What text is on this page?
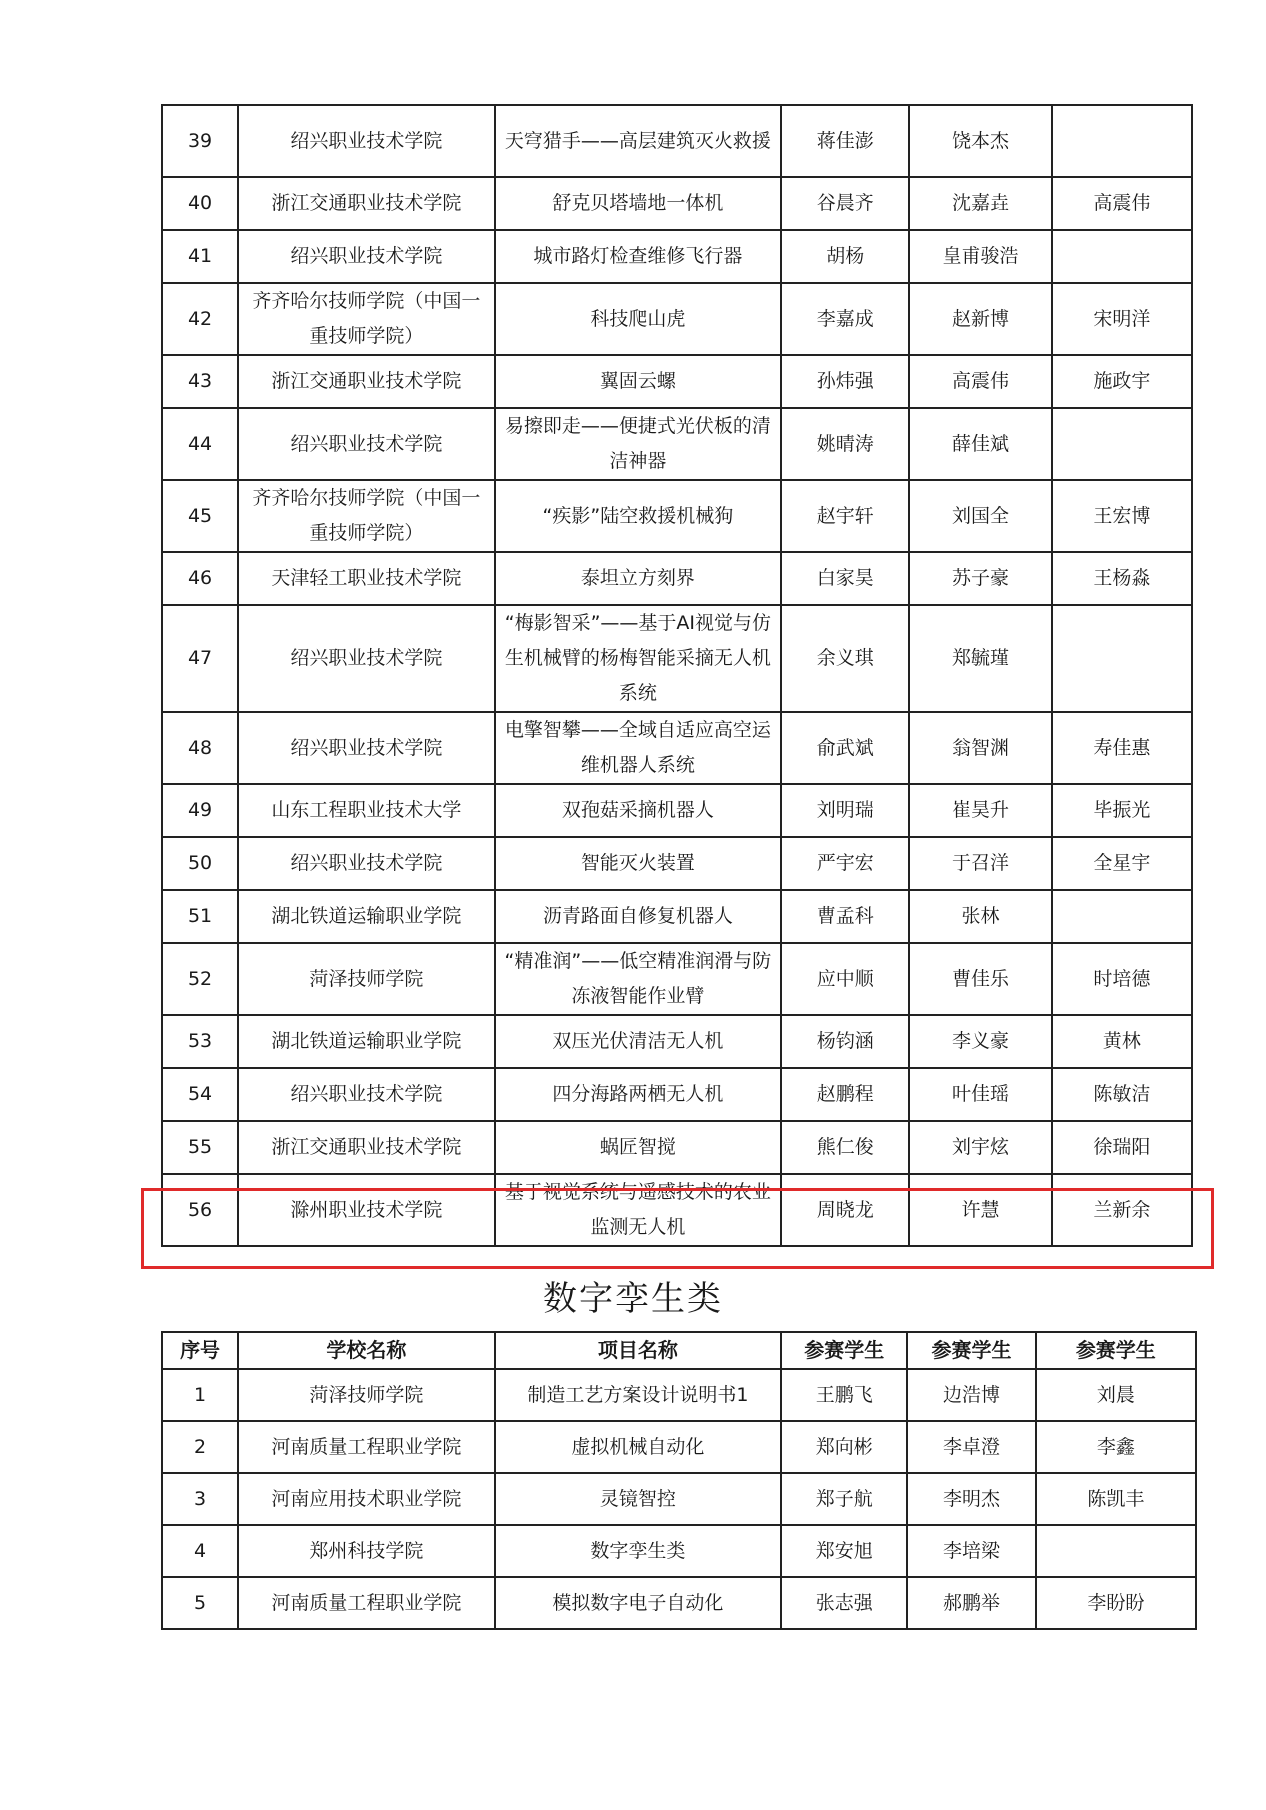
39	绍兴职业技术学院	天穹猎手——高层建筑灭火救援	蒋佳澎	饶本杰	
40	浙江交通职业技术学院	舒克贝塔墙地一体机	谷晨齐	沈嘉垚	高震伟
41	绍兴职业技术学院	城市路灯检查维修飞行器	胡杨	皇甫骏浩	
42	齐齐哈尔技师学院（中国一重技师学院）	科技爬山虎	李嘉成	赵新博	宋明洋
43	浙江交通职业技术学院	翼固云螺	孙炜强	高震伟	施政宇
44	绍兴职业技术学院	易擦即走——便捷式光伏板的清洁神器	姚晴涛	薛佳斌	
45	齐齐哈尔技师学院（中国一重技师学院）	“疾影”陆空救援机械狗	赵宇轩	刘国全	王宏博
46	天津轻工职业技术学院	泰坦立方刻界	白家昊	苏子豪	王杨淼
47	绍兴职业技术学院	“梅影智采”——基于AI视觉与仿生机械臂的杨梅智能采摘无人机系统	余义琪	郑毓瑾	
48	绍兴职业技术学院	电擎智攀——全域自适应高空运维机器人系统	俞武斌	翁智渊	寿佳惠
49	山东工程职业技术大学	双孢菇采摘机器人	刘明瑞	崔昊升	毕振光
50	绍兴职业技术学院	智能灭火装置	严宇宏	于召洋	全星宇
51	湖北铁道运输职业学院	沥青路面自修复机器人	曹孟科	张林	
52	菏泽技师学院	“精准润”——低空精准润滑与防冻液智能作业臂	应中顺	曹佳乐	时培德
53	湖北铁道运输职业学院	双压光伏清洁无人机	杨钧涵	李义豪	黄林
54	绍兴职业技术学院	四分海路两栖无人机	赵鹏程	叶佳瑶	陈敏洁
55	浙江交通职业技术学院	蜗匠智搅	熊仁俊	刘宇炫	徐瑞阳
56	滁州职业技术学院	基于视觉系统与遥感技术的农业监测无人机	周晓龙	许慧	兰新余
数字孪生类
序号	学校名称	项目名称	参赛学生	参赛学生	参赛学生
1	菏泽技师学院	制造工艺方案设计说明书1	王鹏飞	边浩博	刘晨
2	河南质量工程职业学院	虚拟机械自动化	郑向彬	李卓澄	李鑫
3	河南应用技术职业学院	灵镜智控	郑子航	李明杰	陈凯丰
4	郑州科技学院	数字孪生类	郑安旭	李培梁	
5	河南质量工程职业学院	模拟数字电子自动化	张志强	郝鹏举	李盼盼
